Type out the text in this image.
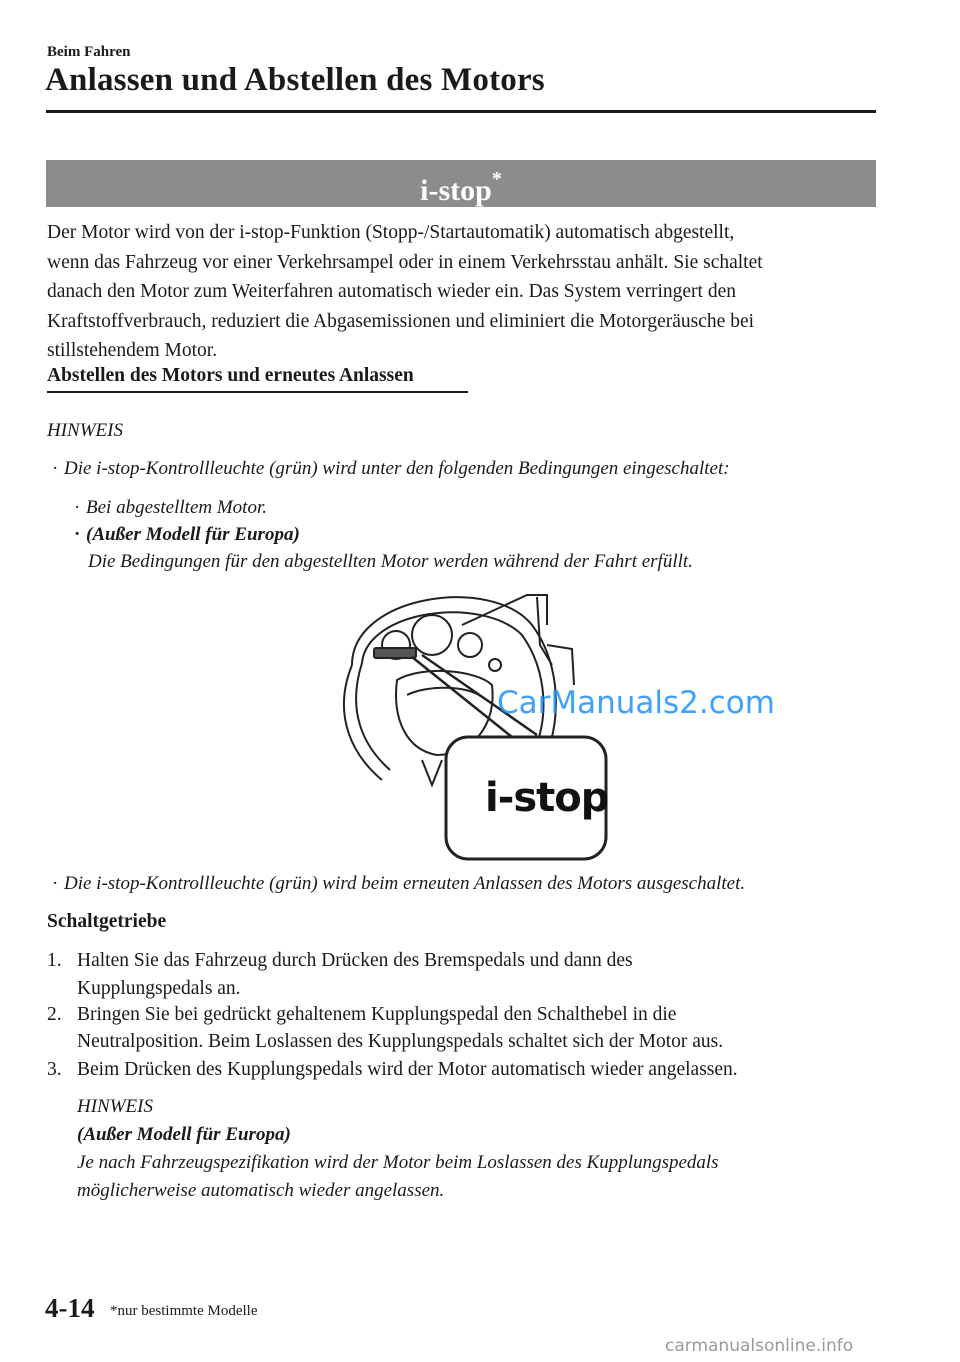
Beim Fahren
Anlassen und Abstellen des Motors
i-stop*
Der Motor wird von der i-stop-Funktion (Stopp-/Startautomatik) automatisch abgestellt,
wenn das Fahrzeug vor einer Verkehrsampel oder in einem Verkehrsstau anhält. Sie schaltet
danach den Motor zum Weiterfahren automatisch wieder ein. Das System verringert den
Kraftstoffverbrauch, reduziert die Abgasemissionen und eliminiert die Motorgeräusche bei
stillstehendem Motor.
Abstellen des Motors und erneutes Anlassen
HINWEIS
· Die i-stop-Kontrollleuchte (grün) wird unter den folgenden Bedingungen eingeschaltet:
· Bei abgestelltem Motor.
· (Außer Modell für Europa)
Die Bedingungen für den abgestellten Motor werden während der Fahrt erfüllt.
i-stop
CarManuals2.com
· Die i-stop-Kontrollleuchte (grün) wird beim erneuten Anlassen des Motors ausgeschaltet.
Schaltgetriebe
1. Halten Sie das Fahrzeug durch Drücken des Bremspedals und dann des
Kupplungspedals an.
2. Bringen Sie bei gedrückt gehaltenem Kupplungspedal den Schalthebel in die
Neutralposition. Beim Loslassen des Kupplungspedals schaltet sich der Motor aus.
3. Beim Drücken des Kupplungspedals wird der Motor automatisch wieder angelassen.
HINWEIS
(Außer Modell für Europa)
Je nach Fahrzeugspezifikation wird der Motor beim Loslassen des Kupplungspedals
möglicherweise automatisch wieder angelassen.
4-14 *nur bestimmte Modelle
carmanualsonline.info
